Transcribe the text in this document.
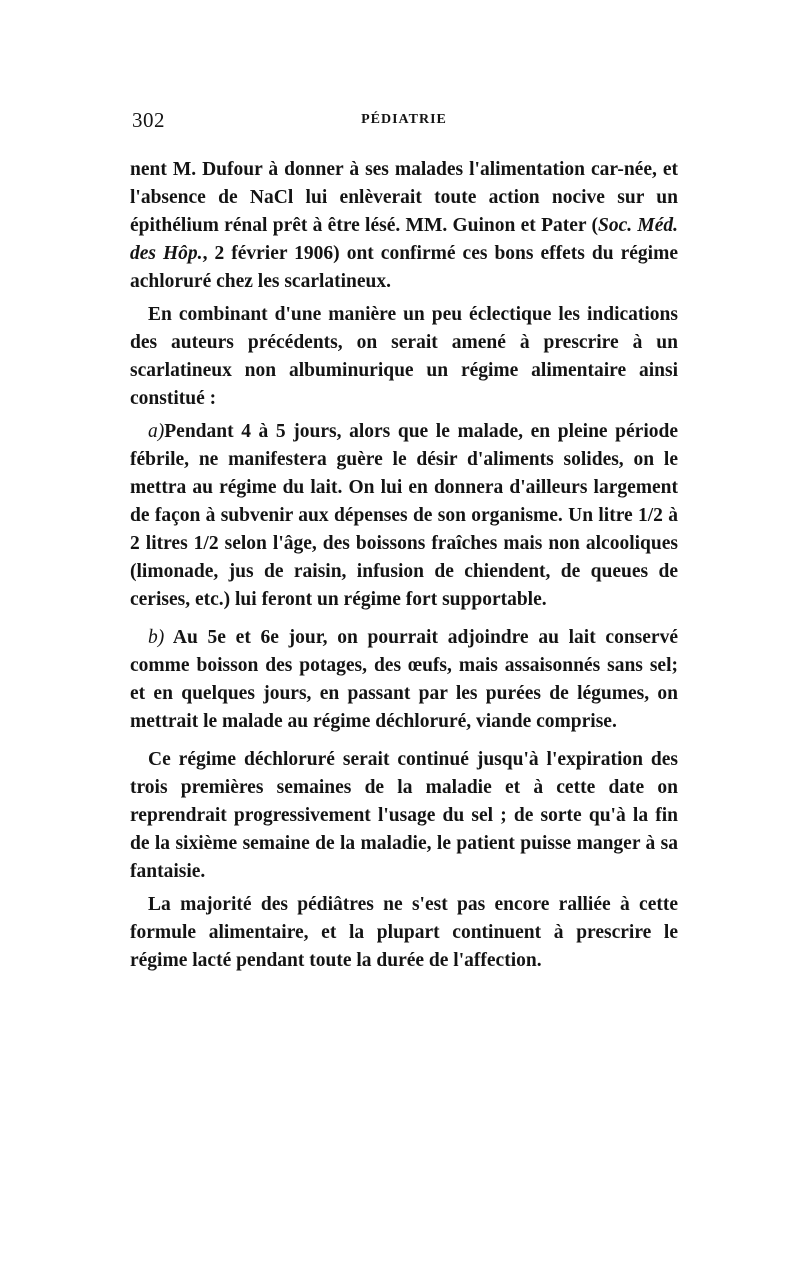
302	PÉDIATRIE

nent M. Dufour à donner à ses malades l'alimentation car-née, et l'absence de NaCl lui enlèverait toute action nocive sur un épithélium rénal prêt à être lésé. MM. Guinon et Pater (Soc. Méd. des Hôp., 2 février 1906) ont confirmé ces bons effets du régime achloruré chez les scarlatineux.

En combinant d'une manière un peu éclectique les indications des auteurs précédents, on serait amené à prescrire à un scarlatineux non albuminurique un régime alimentaire ainsi constitué :

a)Pendant 4 à 5 jours, alors que le malade, en pleine période fébrile, ne manifestera guère le désir d'aliments solides, on le mettra au régime du lait. On lui en donnera d'ailleurs largement de façon à subvenir aux dépenses de son organisme. Un litre 1/2 à 2 litres 1/2 selon l'âge, des boissons fraîches mais non alcooliques (limonade, jus de raisin, infusion de chiendent, de queues de cerises, etc.) lui feront un régime fort supportable.

b) Au 5e et 6e jour, on pourrait adjoindre au lait conservé comme boisson des potages, des œufs, mais assaisonnés sans sel; et en quelques jours, en passant par les purées de légumes, on mettrait le malade au régime déchloruré, viande comprise.

Ce régime déchloruré serait continué jusqu'à l'expiration des trois premières semaines de la maladie et à cette date on reprendrait progressivement l'usage du sel ; de sorte qu'à la fin de la sixième semaine de la maladie, le patient puisse manger à sa fantaisie.

La majorité des pédiâtres ne s'est pas encore ralliée à cette formule alimentaire, et la plupart continuent à prescrire le régime lacté pendant toute la durée de l'affection.
